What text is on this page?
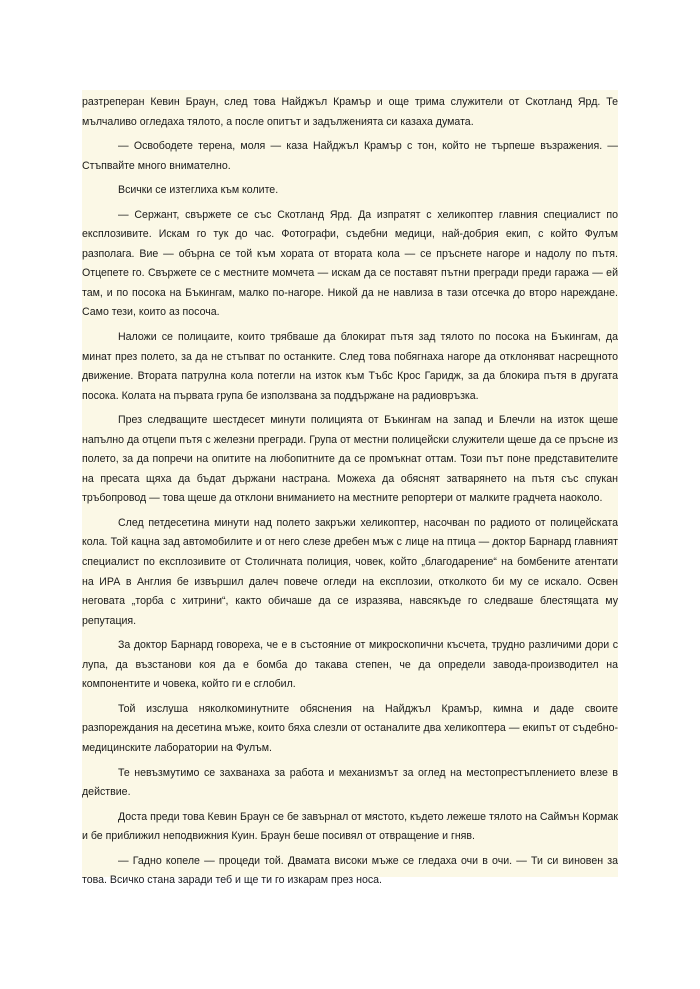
разтреперан Кевин Браун, след това Найджъл Крамър и още трима служители от Скотланд Ярд. Те мълчаливо огледаха тялото, а после опитът и задълженията си казаха думата.

— Освободете терена, моля — каза Найджъл Крамър с тон, който не търпеше възражения. — Стъпвайте много внимателно.

Всички се изтеглиха към колите.

— Сержант, свържете се със Скотланд Ярд. Да изпратят с хеликоптер главния специалист по експлозивите. Искам го тук до час. Фотографи, съдебни медици, най-добрия екип, с който Фулъм разполага. Вие — обърна се той към хората от втората кола — се пръснете нагоре и надолу по пътя. Отцепете го. Свържете се с местните момчета — искам да се поставят пътни прегради преди гаража — ей там, и по посока на Бъкингам, малко по-нагоре. Никой да не навлиза в тази отсечка до второ нареждане. Само тези, които аз посоча.

Наложи се полицаите, които трябваше да блокират пътя зад тялото по посока на Бъкингам, да минат през полето, за да не стъпват по останките. След това побягнаха нагоре да отклоняват насрещното движение. Втората патрулна кола потегли на изток към Тъбс Крос Гаридж, за да блокира пътя в другата посока. Колата на първата група бе използвана за поддържане на радиовръзка.

През следващите шестдесет минути полицията от Бъкингам на запад и Блечли на изток щеше напълно да отцепи пътя с железни прегради. Група от местни полицейски служители щеше да се пръсне из полето, за да попречи на опитите на любопитните да се промъкнат оттам. Този път поне представителите на пресата щяха да бъдат държани настрана. Можеха да обяснят затварянето на пътя със спукан тръбопровод — това щеше да отклони вниманието на местните репортери от малките градчета наоколо.

След петдесетина минути над полето закръжи хеликоптер, насочван по радиото от полицейската кола. Той кацна зад автомобилите и от него слезе дребен мъж с лице на птица — доктор Барнард главният специалист по експлозивите от Столичната полиция, човек, който „благодарение“ на бомбените атентати на ИРА в Англия бе извършил далеч повече огледи на експлозии, отколкото би му се искало. Освен неговата „торба с хитрини“, както обичаше да се изразява, навсякъде го следваше блестящата му репутация.

За доктор Барнард говореха, че е в състояние от микроскопични късчета, трудно различими дори с лупа, да възстанови коя да е бомба до такава степен, че да определи завода-производител на компонентите и човека, който ги е сглобил.

Той изслуша няколкоминутните обяснения на Найджъл Крамър, кимна и даде своите разпореждания на десетина мъже, които бяха слезли от останалите два хеликоптера — екипът от съдебно-медицинските лаборатории на Фулъм.

Те невъзмутимо се захванаха за работа и механизмът за оглед на местопрестъплението влезе в действие.

Доста преди това Кевин Браун се бе завърнал от мястото, където лежеше тялото на Саймън Кормак и бе приближил неподвижния Куин. Браун беше посивял от отвращение и гняв.

— Гадно копеле — процеди той. Двамата високи мъже се гледаха очи в очи. — Ти си виновен за това. Всичко стана заради теб и ще ти го изкарам през носа.
